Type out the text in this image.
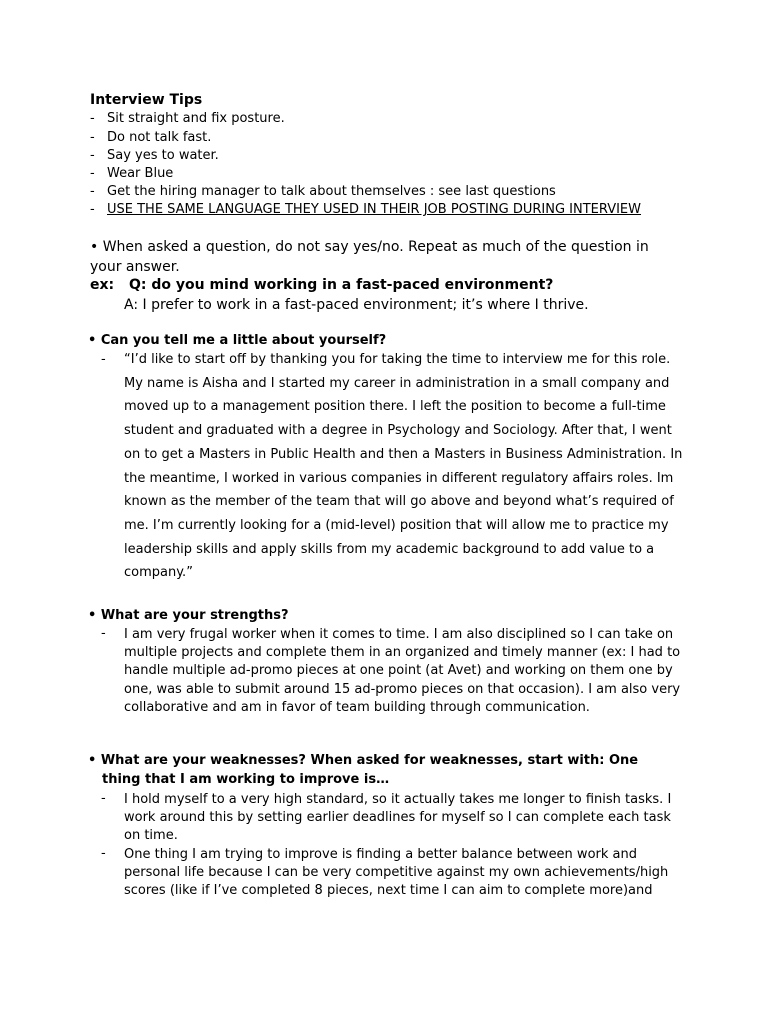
Interview Tips
- Sit straight and fix posture.
- Do not talk fast.
- Say yes to water.
- Wear Blue
- Get the hiring manager to talk about themselves : see last questions
- USE THE SAME LANGUAGE THEY USED IN THEIR JOB POSTING DURING INTERVIEW
• When asked a question, do not say yes/no. Repeat as much of the question in
your answer.
ex: Q: do you mind working in a fast-paced environment?
A: I prefer to work in a fast-paced environment; it’s where I thrive.
• Can you tell me a little about yourself?
- “I’d like to start off by thanking you for taking the time to interview me for this role. My name is Aisha and I started my career in administration in a small company and moved up to a management position there. I left the position to become a full-time student and graduated with a degree in Psychology and Sociology. After that, I went on to get a Masters in Public Health and then a Masters in Business Administration. In the meantime, I worked in various companies in different regulatory affairs roles. Im known as the member of the team that will go above and beyond what’s required of me. I’m currently looking for a (mid-level) position that will allow me to practice my leadership skills and apply skills from my academic background to add value to a company.”
• What are your strengths?
- I am very frugal worker when it comes to time. I am also disciplined so I can take on multiple projects and complete them in an organized and timely manner (ex: I had to handle multiple ad-promo pieces at one point (at Avet) and working on them one by one, was able to submit around 15 ad-promo pieces on that occasion). I am also very collaborative and am in favor of team building through communication.
• What are your weaknesses? When asked for weaknesses, start with: One
thing that I am working to improve is…
- I hold myself to a very high standard, so it actually takes me longer to finish tasks. I work around this by setting earlier deadlines for myself so I can complete each task on time.
- One thing I am trying to improve is finding a better balance between work and personal life because I can be very competitive against my own achievements/high scores (like if I’ve completed 8 pieces, next time I can aim to complete more)and
